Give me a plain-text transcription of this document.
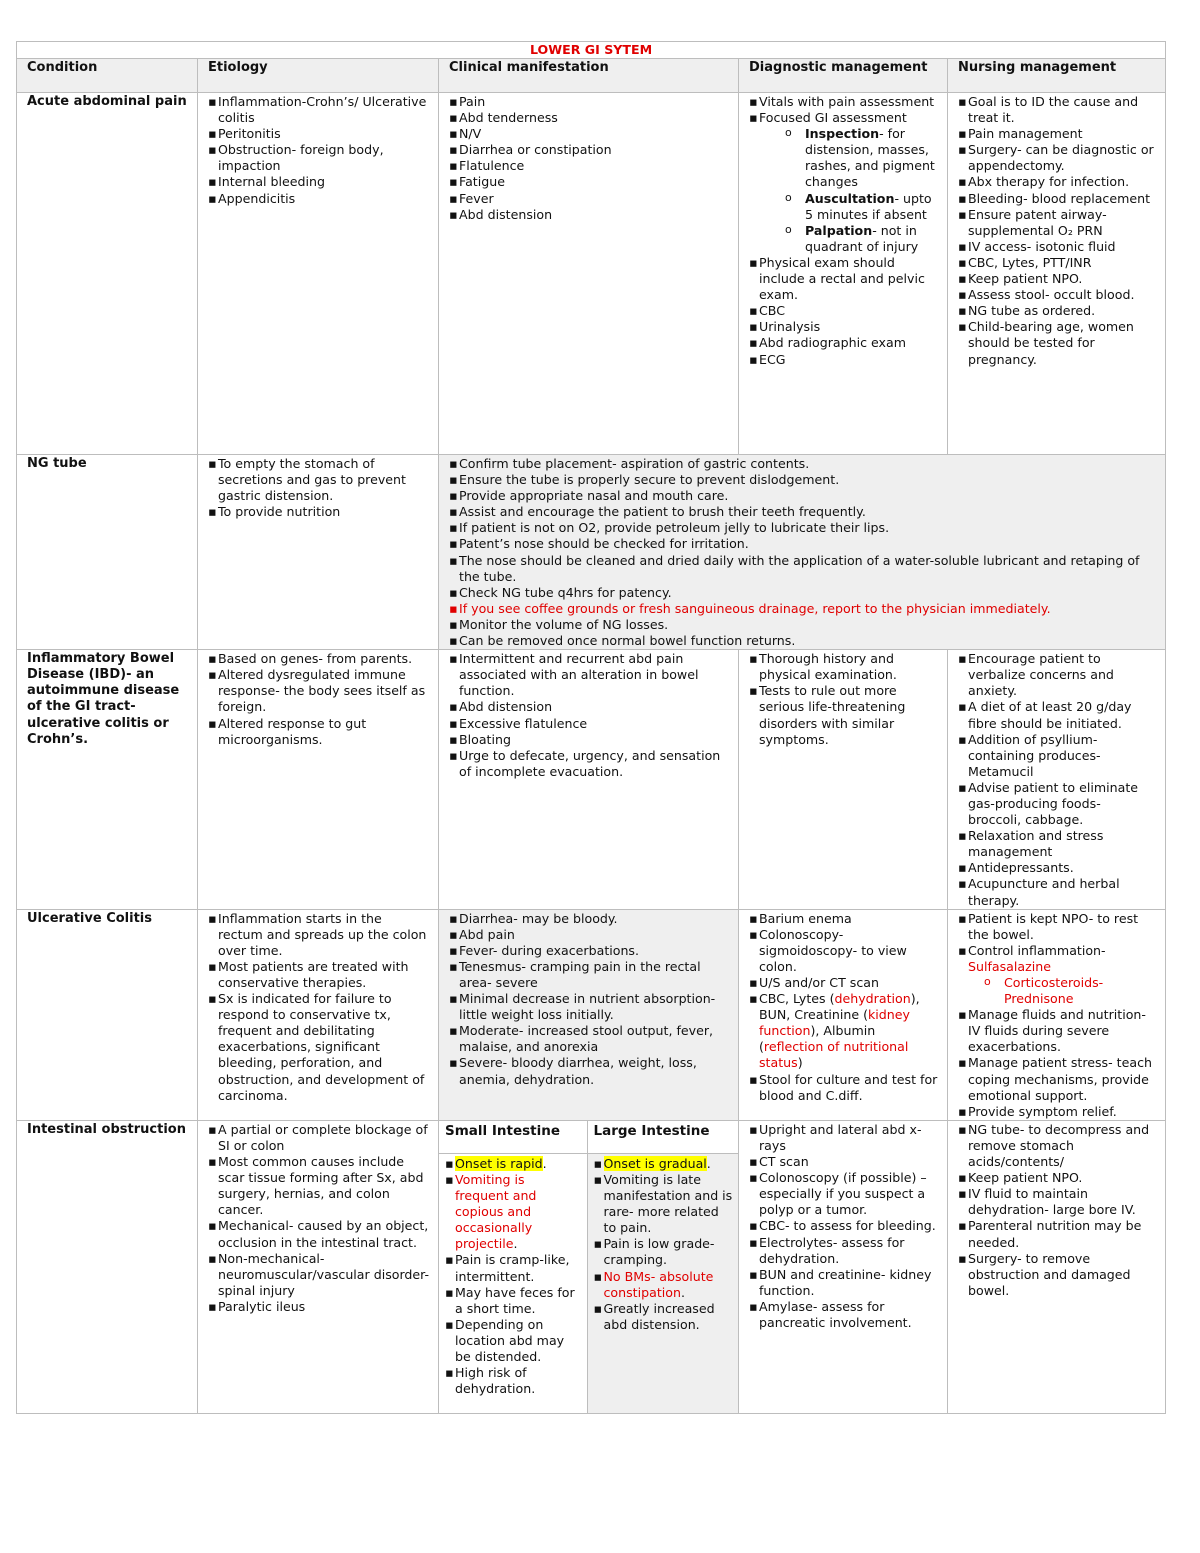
LOWER GI SYTEM
Condition	Etiology	Clinical manifestation	Diagnostic management	Nursing management
Acute abdominal pain	
▪Inflammation-Crohn’s/ Ulcerative colitis
▪ Peritonitis
▪ Obstruction- foreign body, impaction
▪ Internal bleeding
▪ Appendicitis

▪ Pain
▪ Abd tenderness
▪ N/V
▪ Diarrhea or constipation
▪ Flatulence
▪ Fatigue
▪ Fever
▪ Abd distension

▪ Vitals with pain assessment
▪ Focused GI assessment
o Inspection- for distension, masses, rashes, and pigment changes
o Auscultation- upto 5 minutes if absent
o Palpation- not in quadrant of injury
▪ Physical exam should include a rectal and pelvic exam.
▪ CBC
▪ Urinalysis
▪ Abd radiographic exam
▪ ECG

▪ Goal is to ID the cause and treat it.
▪ Pain management
▪ Surgery- can be diagnostic or appendectomy.
▪ Abx therapy for infection.
▪ Bleeding- blood replacement
▪ Ensure patent airway- supplemental O₂ PRN
▪ IV access- isotonic fluid
▪ CBC, Lytes, PTT/INR
▪ Keep patient NPO.
▪ Assess stool- occult blood.
▪ NG tube as ordered.
▪ Child-bearing age, women should be tested for pregnancy.

NG tube	
▪To empty the stomach of secretions and gas to prevent gastric distension.
▪ To provide nutrition

▪ Confirm tube placement- aspiration of gastric contents.
▪ Ensure the tube is properly secure to prevent dislodgement.
▪ Provide appropriate nasal and mouth care.
▪ Assist and encourage the patient to brush their teeth frequently.
▪ If patient is not on O2, provide petroleum jelly to lubricate their lips.
▪ Patent’s nose should be checked for irritation.
▪ The nose should be cleaned and dried daily with the application of a water-soluble lubricant and retaping of the tube.
▪ Check NG tube q4hrs for patency.
▪ If you see coffee grounds or fresh sanguineous drainage, report to the physician immediately.
▪ Monitor the volume of NG losses.
▪ Can be removed once normal bowel function returns.

Inflammatory Bowel Disease (IBD)- an autoimmune disease of the GI tract- ulcerative colitis or Crohn’s.	
▪ Based on genes- from parents.
▪ Altered dysregulated immune response- the body sees itself as foreign.
▪ Altered response to gut microorganisms.

▪ Intermittent and recurrent abd pain associated with an alteration in bowel function.
▪ Abd distension
▪ Excessive flatulence
▪ Bloating
▪ Urge to defecate, urgency, and sensation of incomplete evacuation.

▪ Thorough history and physical examination.
▪ Tests to rule out more serious life-threatening disorders with similar symptoms.

▪ Encourage patient to verbalize concerns and anxiety.
▪ A diet of at least 20 g/day fibre should be initiated.
▪ Addition of psyllium-containing produces- Metamucil
▪ Advise patient to eliminate gas-producing foods- broccoli, cabbage.
▪ Relaxation and stress management
▪ Antidepressants.
▪ Acupuncture and herbal therapy.

Ulcerative Colitis	
▪Inflammation starts in the rectum and spreads up the colon over time.
▪ Most patients are treated with conservative therapies.
▪ Sx is indicated for failure to respond to conservative tx, frequent and debilitating exacerbations, significant bleeding, perforation, and obstruction, and development of carcinoma.

▪ Diarrhea- may be bloody.
▪ Abd pain
▪ Fever- during exacerbations.
▪ Tenesmus- cramping pain in the rectal area- severe
▪ Minimal decrease in nutrient absorption- little weight loss initially.
▪ Moderate- increased stool output, fever, malaise, and anorexia
▪ Severe- bloody diarrhea, weight, loss, anemia, dehydration.

▪ Barium enema
▪ Colonoscopy- sigmoidoscopy- to view colon.
▪ U/S and/or CT scan
▪ CBC, Lytes (dehydration), BUN, Creatinine (kidney function), Albumin (reflection of nutritional status)
▪ Stool for culture and test for blood and C.diff.

▪ Patient is kept NPO- to rest the bowel.
▪ Control inflammation- Sulfasalazine
o Corticosteroids- Prednisone
▪ Manage fluids and nutrition- IV fluids during severe exacerbations.
▪ Manage patient stress- teach coping mechanisms, provide emotional support.
▪ Provide symptom relief.

Intestinal obstruction	
▪A partial or complete blockage of SI or colon
▪ Most common causes include scar tissue forming after Sx, abd surgery, hernias, and colon cancer.
▪ Mechanical- caused by an object, occlusion in the intestinal tract.
▪ Non-mechanical- neuromuscular/vascular disorder- spinal injury
▪ Paralytic ileus

Small Intestine	Large Intestine

▪ Onset is rapid.
▪ Vomiting is frequent and copious and occasionally projectile.
▪ Pain is cramp-like, intermittent.
▪ May have feces for a short time.
▪ Depending on location abd may be distended.
▪ High risk of dehydration.

▪ Onset is gradual.
▪ Vomiting is late manifestation and is rare- more related to pain.
▪ Pain is low grade- cramping.
▪ No BMs- absolute constipation.
▪ Greatly increased abd distension.

▪ Upright and lateral abd x-rays
▪ CT scan
▪ Colonoscopy (if possible) – especially if you suspect a polyp or a tumor.
▪ CBC- to assess for bleeding.
▪ Electrolytes- assess for dehydration.
▪ BUN and creatinine- kidney function.
▪ Amylase- assess for pancreatic involvement.

▪ NG tube- to decompress and remove stomach acids/contents/
▪ Keep patient NPO.
▪ IV fluid to maintain dehydration- large bore IV.
▪ Parenteral nutrition may be needed.
▪ Surgery- to remove obstruction and damaged bowel.
